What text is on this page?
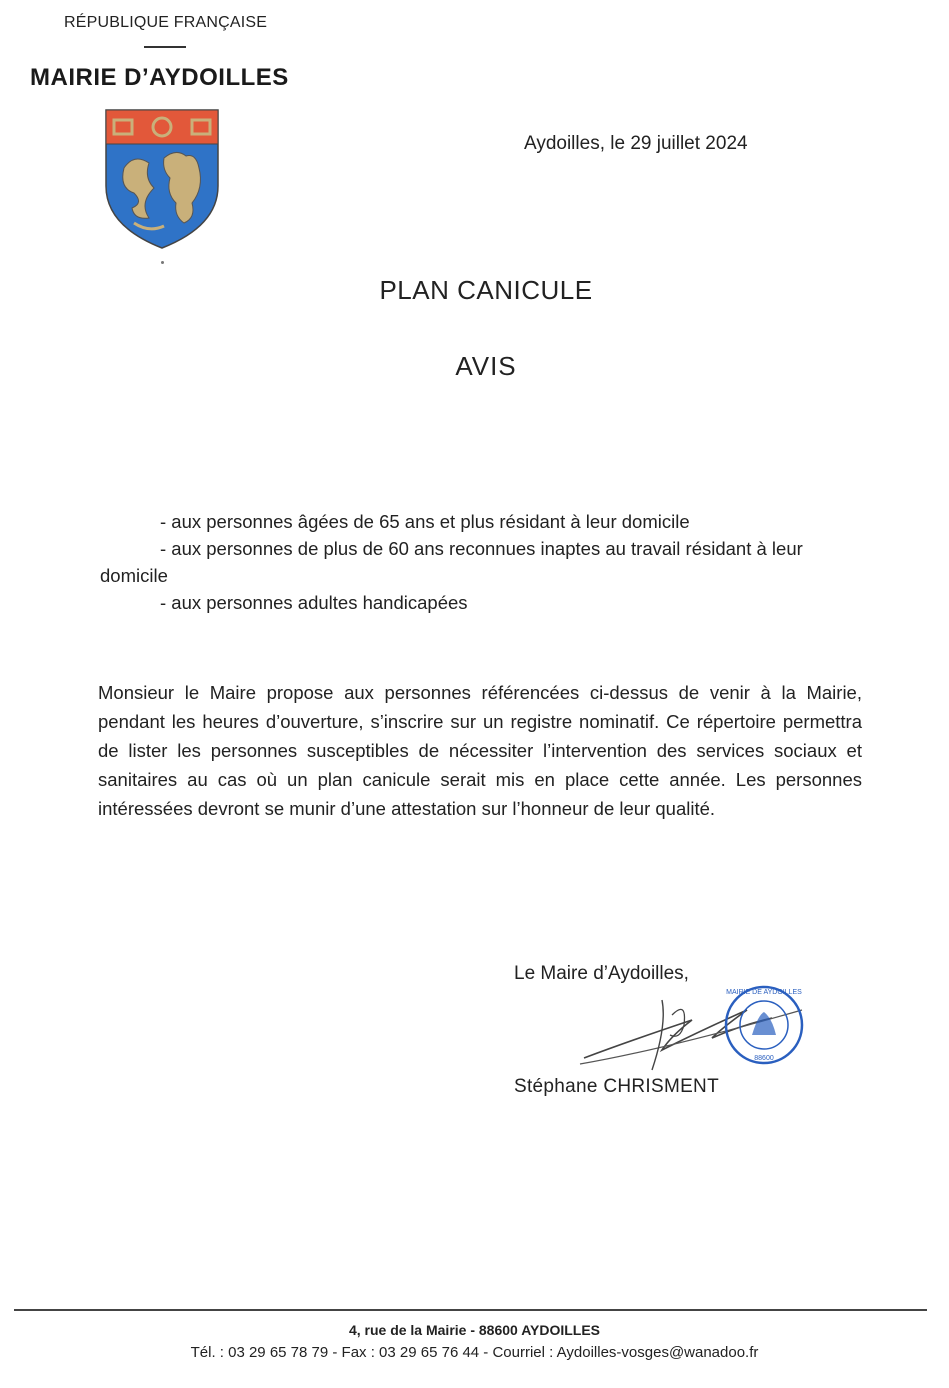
RÉPUBLIQUE FRANÇAISE
MAIRIE D’AYDOILLES
Aydoilles, le 29 juillet 2024
PLAN CANICULE
AVIS

- aux personnes âgées de 65 ans et plus résidant à leur domicile

- aux personnes de plus de 60 ans reconnues inaptes au travail résidant à leur domicile

- aux personnes adultes handicapées

Monsieur le Maire propose aux personnes référencées ci-dessus de venir à la Mairie, pendant les heures d’ouverture, s’inscrire sur un registre nominatif. Ce répertoire permettra de lister les personnes susceptibles de nécessiter l’intervention des services sociaux et sanitaires au cas où un plan canicule serait mis en place cette année. Les personnes intéressées devront se munir d’une attestation sur l’honneur de leur qualité.
Le Maire d’Aydoilles,
MAIRIE DE AYDOILLES
88600
Stéphane CHRISMENT
4, rue de la Mairie - 88600 AYDOILLES
Tél. : 03 29 65 78 79 - Fax : 03 29 65 76 44 - Courriel : Aydoilles-vosges@wanadoo.fr
